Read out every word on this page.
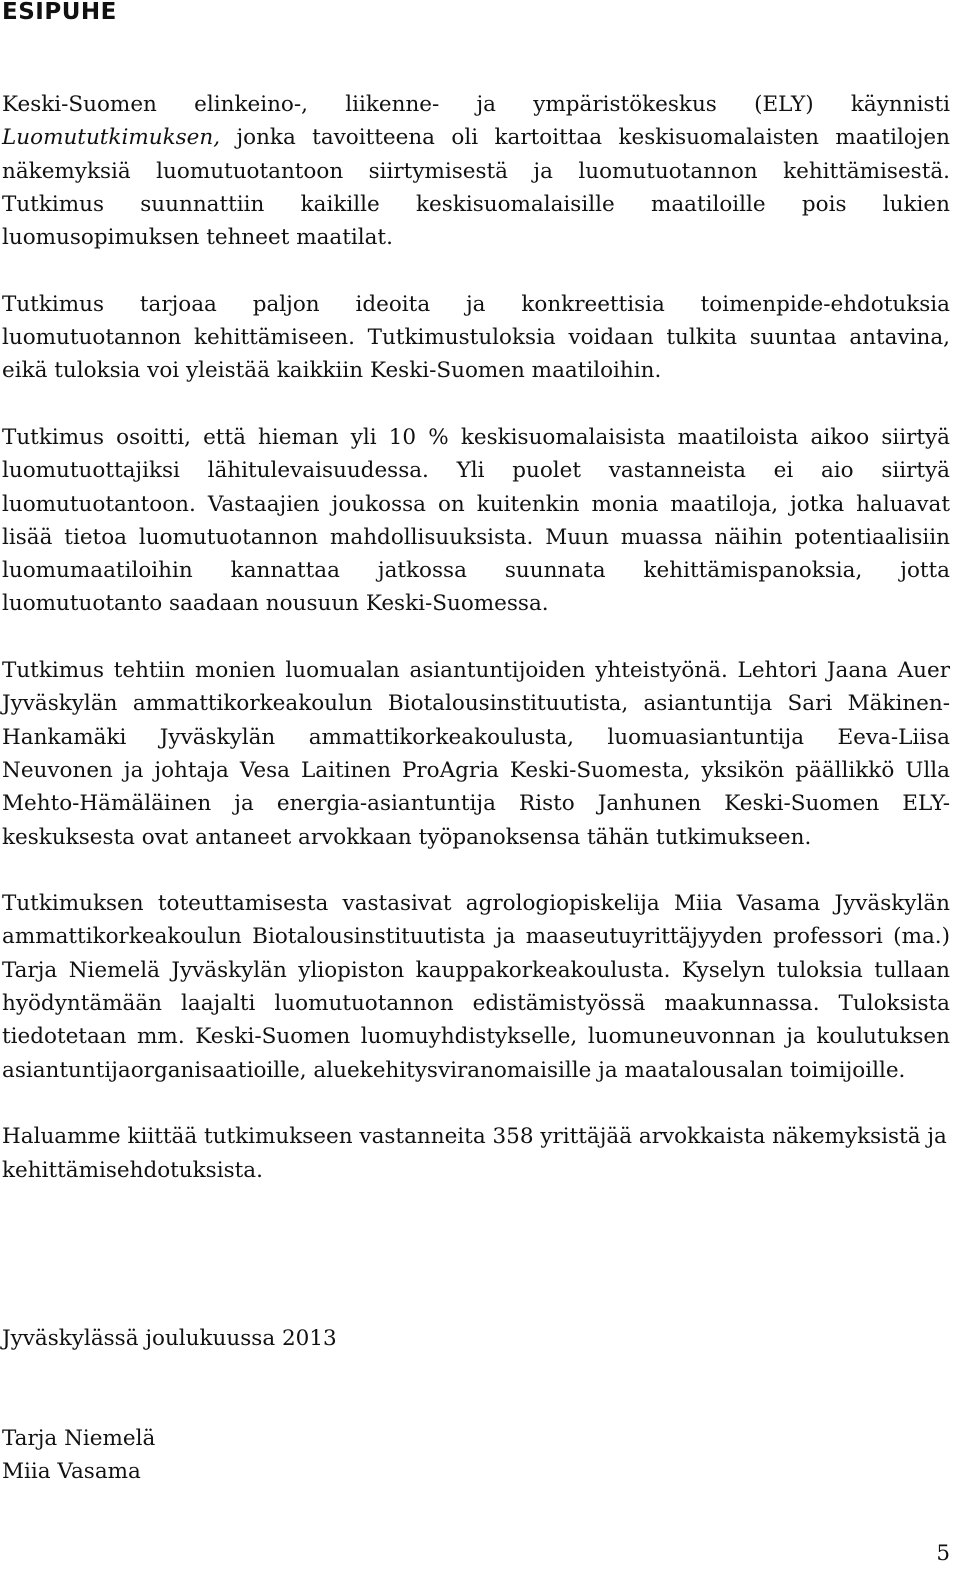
ESIPUHE

Keski-Suomen elinkeino-, liikenne- ja ympäristökeskus (ELY) käynnisti Luomututkimuksen, jonka tavoitteena oli kartoittaa keskisuomalaisten maatilojen näkemyksiä luomutuotantoon siirtymisestä ja luomutuotannon kehittämisestä. Tutkimus suunnattiin kaikille keskisuomalaisille maatiloille pois lukien luomusopimuksen tehneet maatilat.

Tutkimus tarjoaa paljon ideoita ja konkreettisia toimenpide-ehdotuksia luomutuotannon kehittämiseen. Tutkimustuloksia voidaan tulkita suuntaa antavina, eikä tuloksia voi yleistää kaikkiin Keski-Suomen maatiloihin.

Tutkimus osoitti, että hieman yli 10 % keskisuomalaisista maatiloista aikoo siirtyä luomutuottajiksi lähitulevaisuudessa. Yli puolet vastanneista ei aio siirtyä luomutuotantoon. Vastaajien joukossa on kuitenkin monia maatiloja, jotka haluavat lisää tietoa luomutuotannon mahdollisuuksista. Muun muassa näihin potentiaalisiin luomumaatiloihin kannattaa jatkossa suunnata kehittämispanoksia, jotta luomutuotanto saadaan nousuun Keski-Suomessa.

Tutkimus tehtiin monien luomualan asiantuntijoiden yhteistyönä. Lehtori Jaana Auer Jyväskylän ammattikorkeakoulun Biotalousinstituutista, asiantuntija Sari Mäkinen-Hankamäki Jyväskylän ammattikorkeakoulusta, luomuasiantuntija Eeva-Liisa Neuvonen ja johtaja Vesa Laitinen ProAgria Keski-Suomesta, yksikön päällikkö Ulla Mehto-Hämäläinen ja energia-asiantuntija Risto Janhunen Keski-Suomen ELY-keskuksesta ovat antaneet arvokkaan työpanoksensa tähän tutkimukseen.

Tutkimuksen toteuttamisesta vastasivat agrologiopiskelija Miia Vasama Jyväskylän ammattikorkeakoulun Biotalousinstituutista ja maaseutuyrittäjyyden professori (ma.) Tarja Niemelä Jyväskylän yliopiston kauppakorkeakoulusta. Kyselyn tuloksia tullaan hyödyntämään laajalti luomutuotannon edistämistyössä maakunnassa. Tuloksista tiedotetaan mm. Keski-Suomen luomuyhdistykselle, luomuneuvonnan ja koulutuksen asiantuntijaorganisaatioille, aluekehitysviranomaisille ja maatalousalan toimijoille.

Haluamme kiittää tutkimukseen vastanneita 358 yrittäjää arvokkaista näkemyksistä ja kehittämisehdotuksista.

Jyväskylässä joulukuussa 2013

Tarja Niemelä
Miia Vasama

5
